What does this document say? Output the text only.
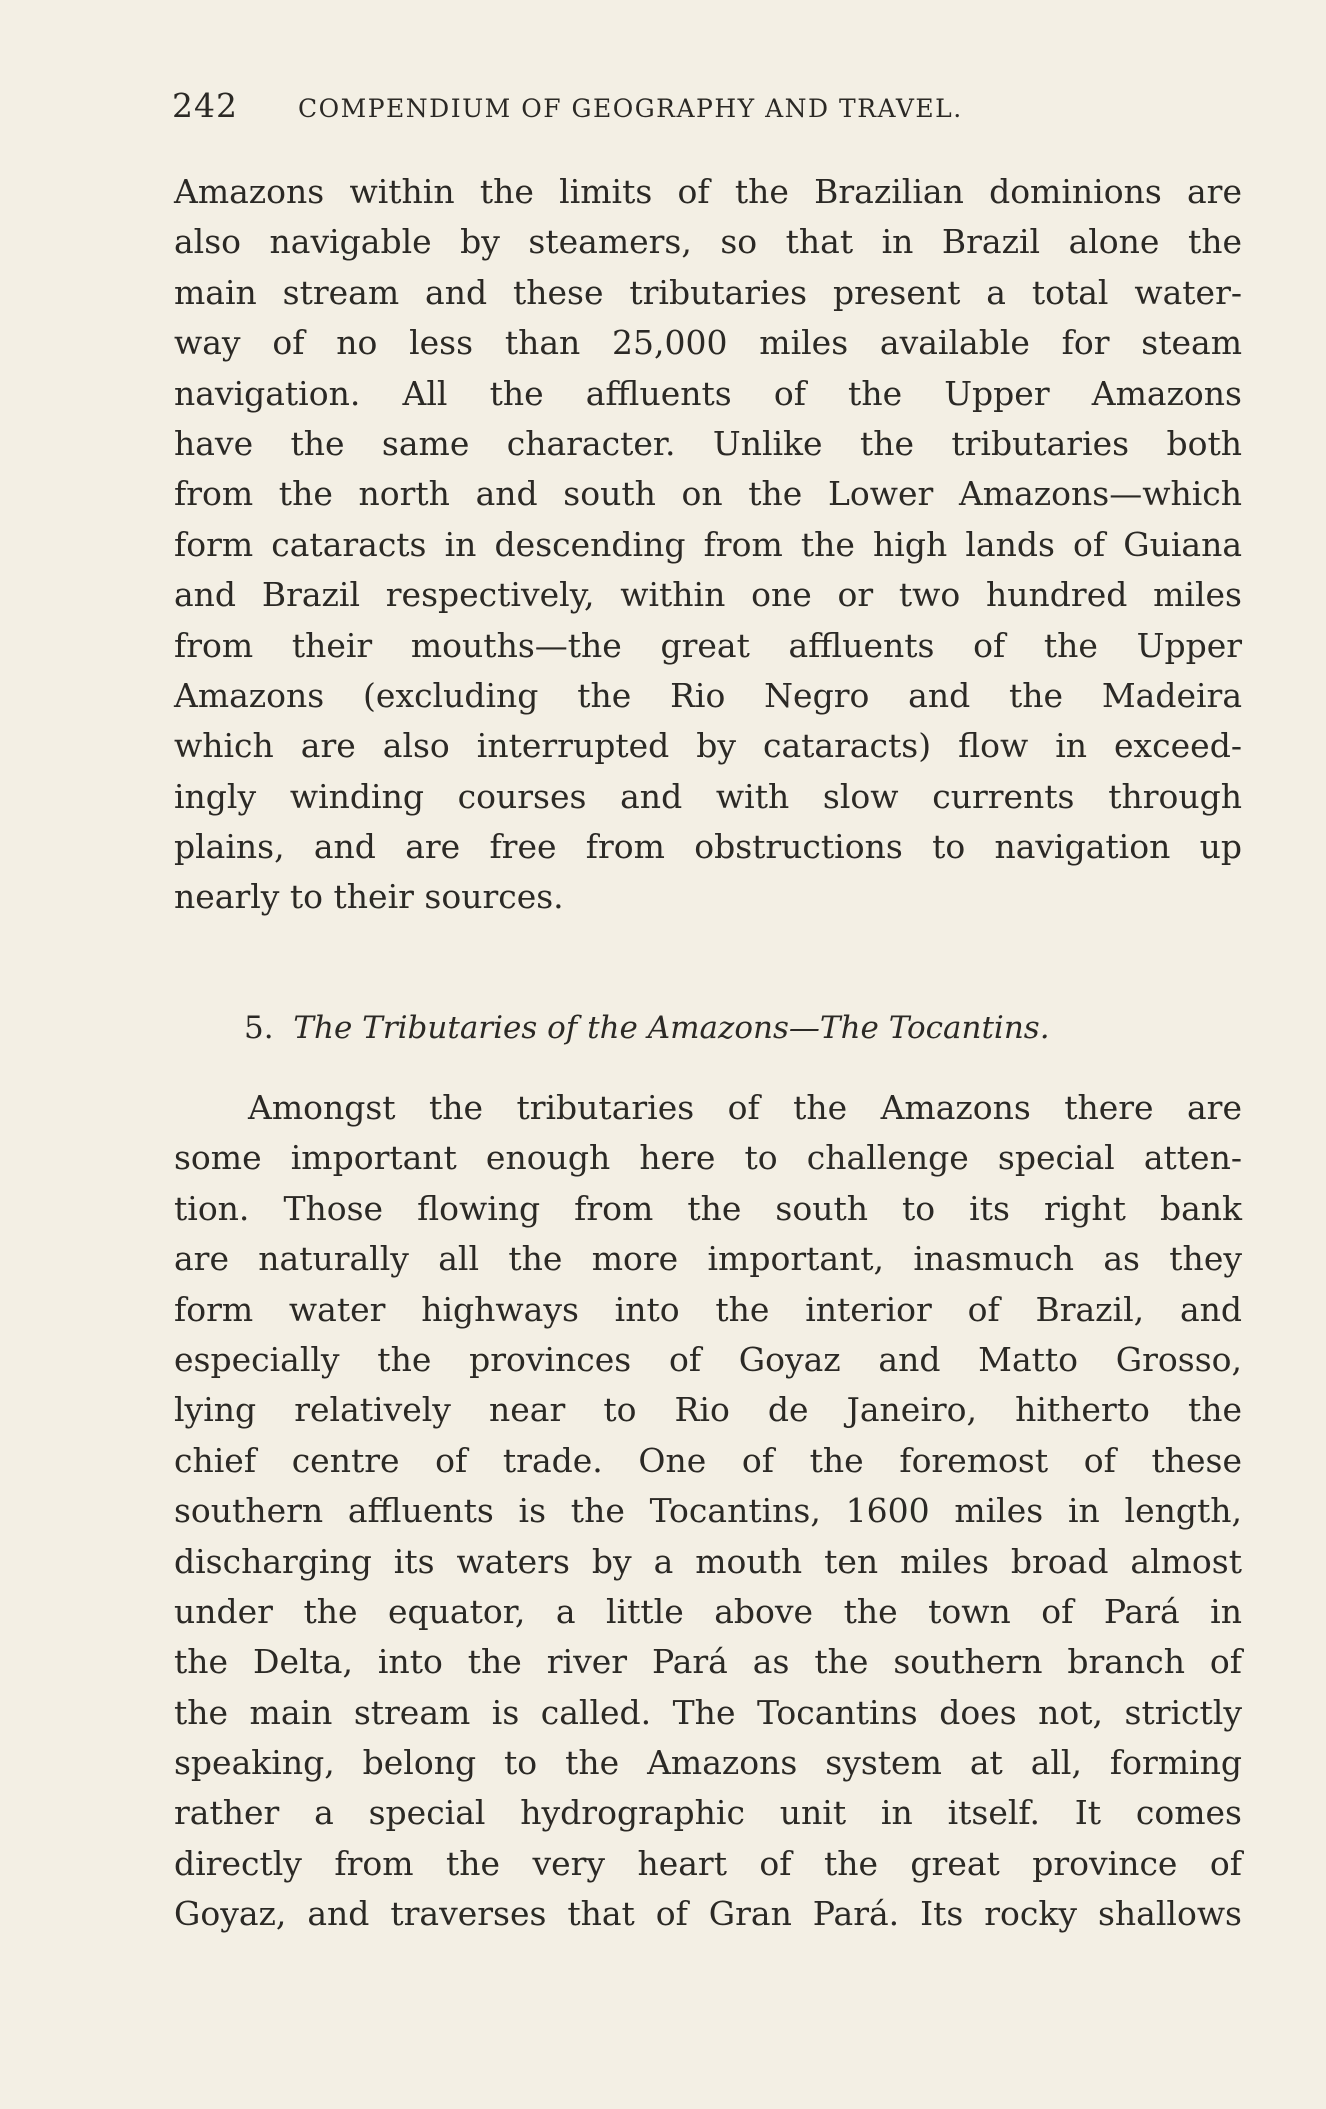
242 COMPENDIUM OF GEOGRAPHY AND TRAVEL.
Amazons within the limits of the Brazilian dominions are
also navigable by steamers, so that in Brazil alone the
main stream and these tributaries present a total water-
way of no less than 25,000 miles available for steam
navigation. All the affluents of the Upper Amazons
have the same character. Unlike the tributaries both
from the north and south on the Lower Amazons—which
form cataracts in descending from the high lands of Guiana
and Brazil respectively, within one or two hundred miles
from their mouths—the great affluents of the Upper
Amazons (excluding the Rio Negro and the Madeira
which are also interrupted by cataracts) flow in exceed-
ingly winding courses and with slow currents through
plains, and are free from obstructions to navigation up
nearly to their sources.
5. The Tributaries of the Amazons—The Tocantins.
Amongst the tributaries of the Amazons there are
some important enough here to challenge special atten-
tion. Those flowing from the south to its right bank
are naturally all the more important, inasmuch as they
form water highways into the interior of Brazil, and
especially the provinces of Goyaz and Matto Grosso,
lying relatively near to Rio de Janeiro, hitherto the
chief centre of trade. One of the foremost of these
southern affluents is the Tocantins, 1600 miles in length,
discharging its waters by a mouth ten miles broad almost
under the equator, a little above the town of Pará in
the Delta, into the river Pará as the southern branch of
the main stream is called. The Tocantins does not, strictly
speaking, belong to the Amazons system at all, forming
rather a special hydrographic unit in itself. It comes
directly from the very heart of the great province of
Goyaz, and traverses that of Gran Pará. Its rocky shallows
